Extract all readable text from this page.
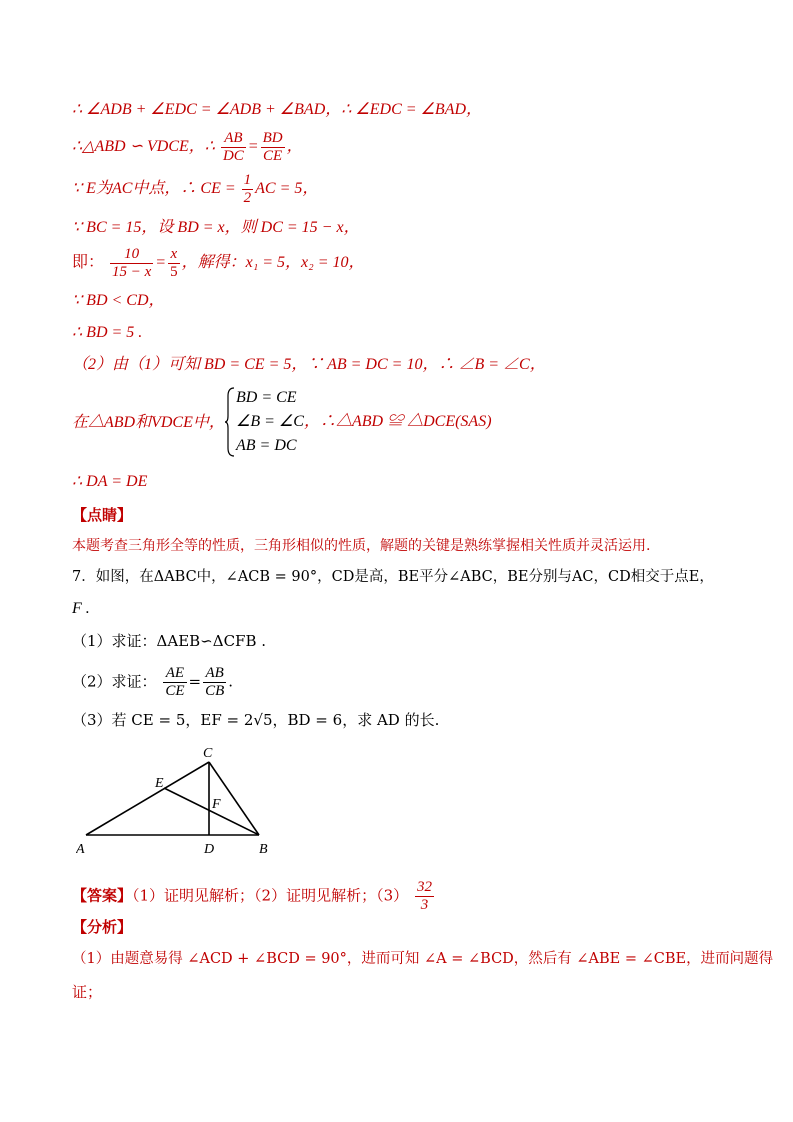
∴ ∠ADB + ∠EDC = ∠ADB + ∠BAD，∴ ∠EDC = ∠BAD，
∴△ABD ∽ VDCE，∴ $\frac{AB}{DC} = \frac{BD}{CE}$ ，
∵ E为AC中点，∴ CE = $\frac{1}{2}$ AC = 5，
∵ BC = 15，设 BD = x，则 DC = 15 − x，
即： $\frac{10}{15 - x} = \frac{x}{5}$ ，解得：x₁ = 5，x₂ = 10，
∵ BD < CD，
∴ BD = 5 .
（2）由（1）可知 BD = CE = 5，∵ AB = DC = 10，∴ ∠B = ∠C，
在△ABD和VDCE中，
BD = CE
∠B = ∠C
AB = DC
，∴△ABD ≌ △DCE(SAS)
∴ DA = DE
【点睛】
本题考查三角形全等的性质，三角形相似的性质，解题的关键是熟练掌握相关性质并灵活运用.
7．如图，在ΔABC中，∠ACB = 90°，CD是高，BE平分∠ABC，BE分别与AC，CD相交于点E，
F .
（1）求证：ΔAEB∽ΔCFB .
（2）求证： $\frac{AE}{CE} = \frac{AB}{CB}$ .
（3）若 CE = 5，EF = 2√5，BD = 6，求 AD 的长.
A	B
C
D
E
F
【答案】（1）证明见解析；（2）证明见解析；$(3) \frac{32}{3}$
【分析】
（1）由题意易得 ∠ACD + ∠BCD = 90°，进而可知 ∠A = ∠BCD，然后有 ∠ABE = ∠CBE，进而问题得
证；
